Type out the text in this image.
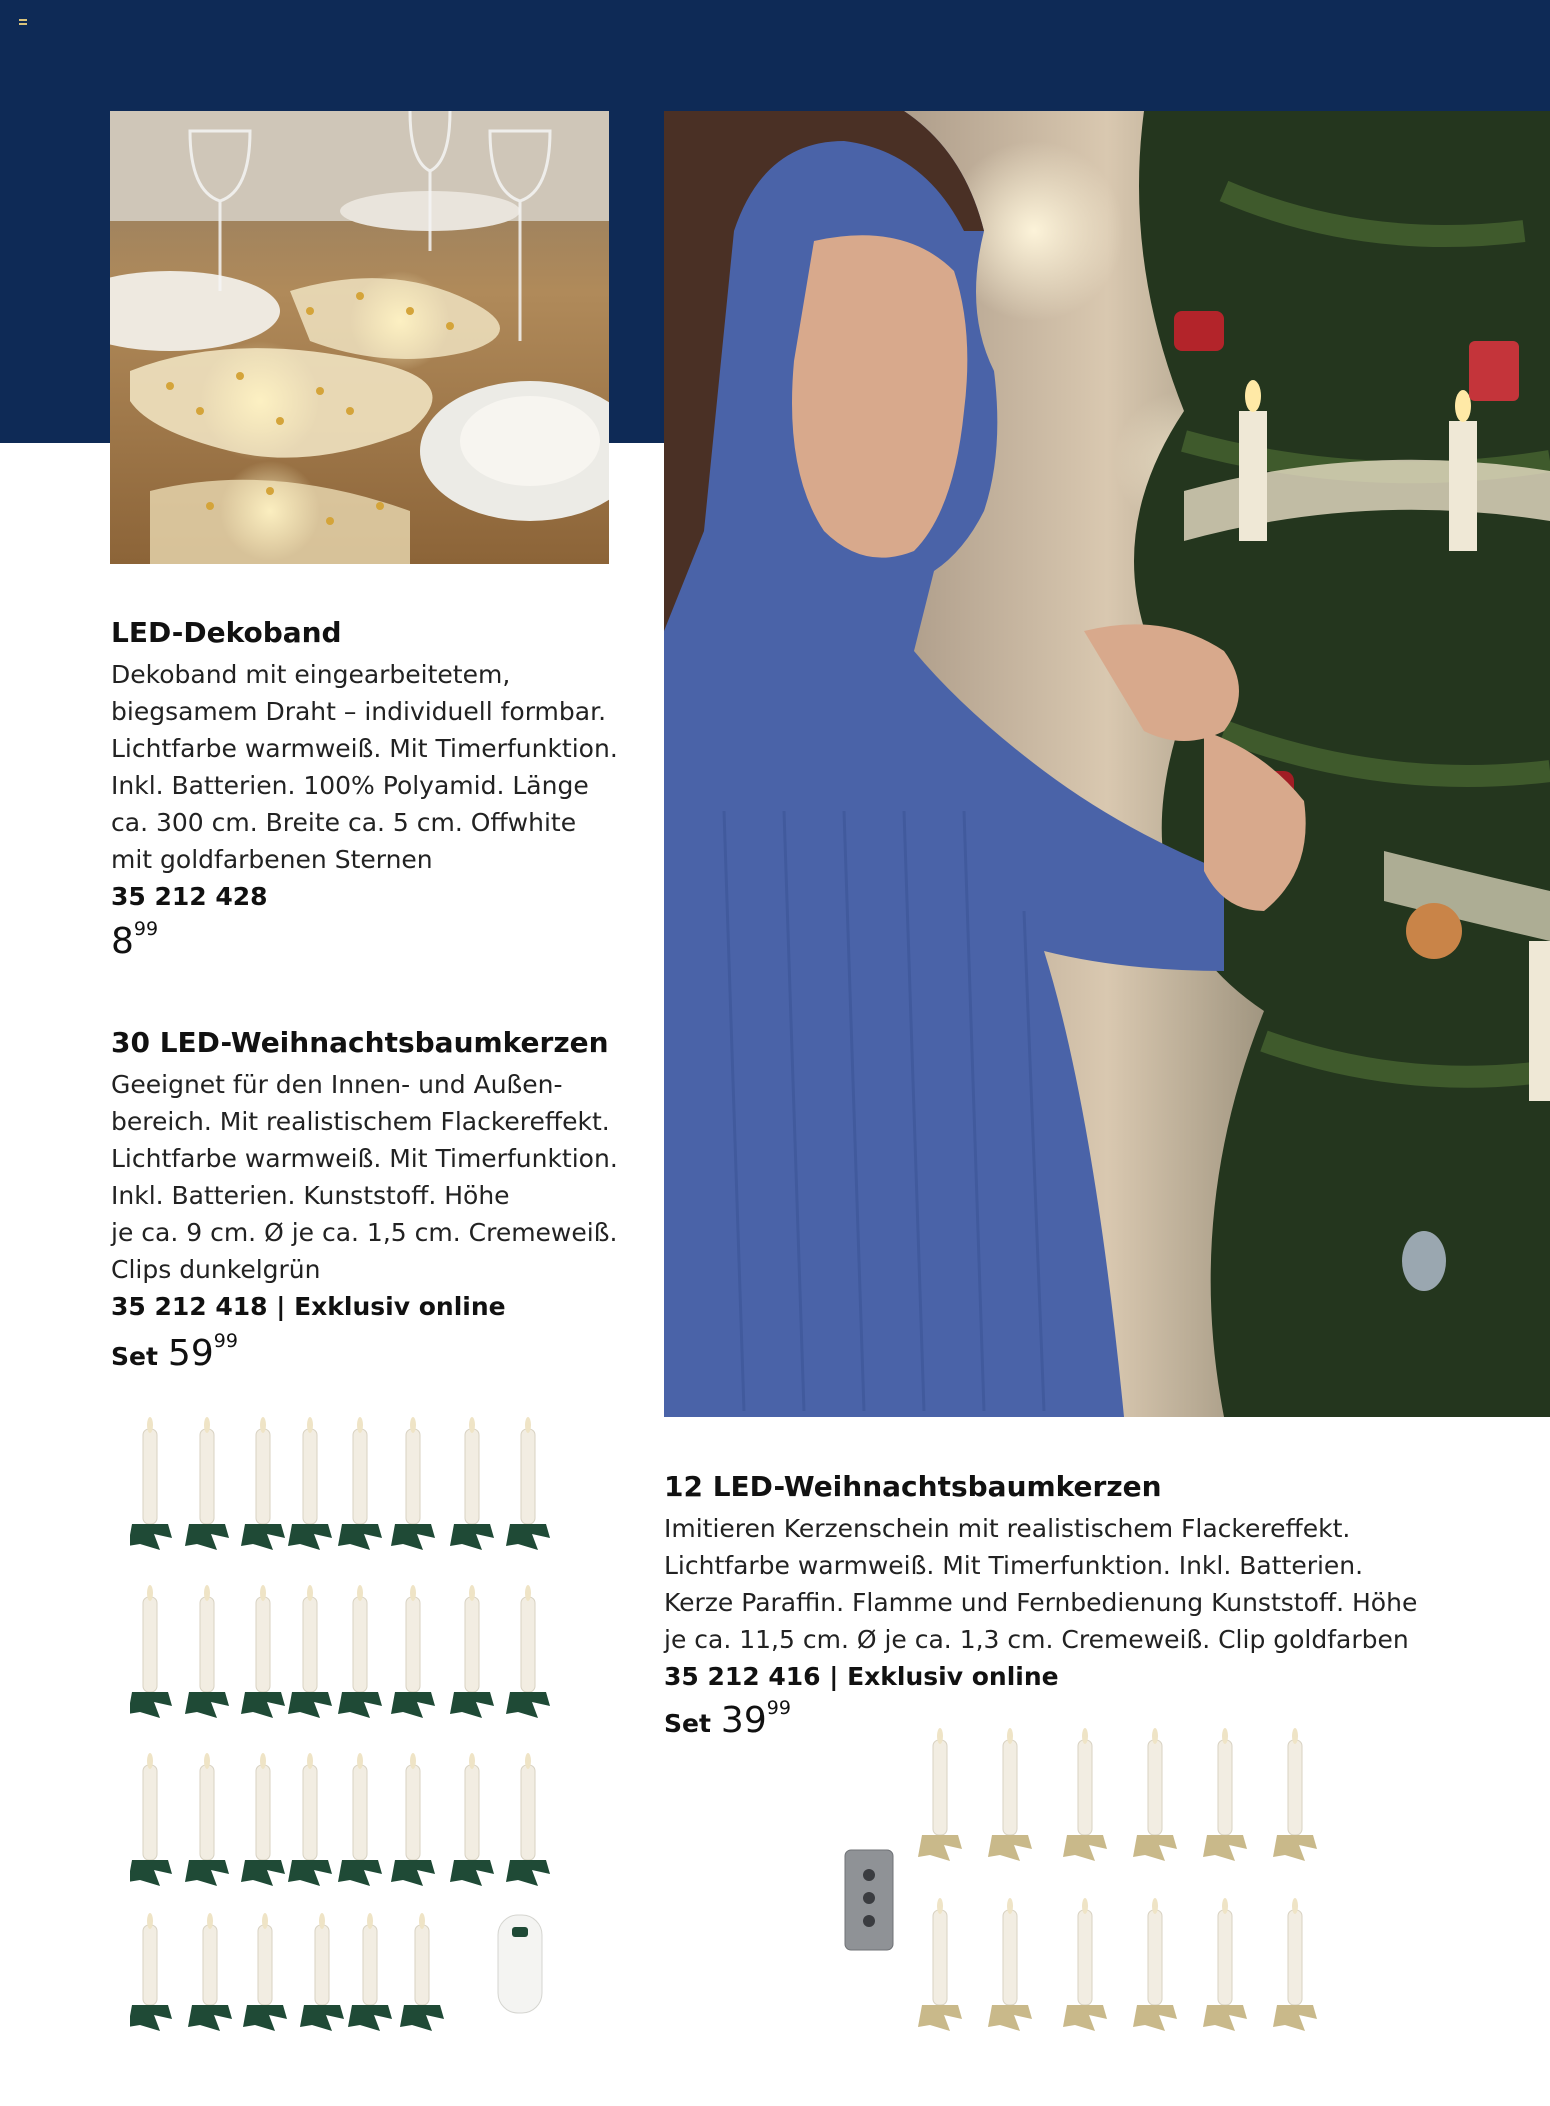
LED-Dekoband

Dekoband mit eingearbeitetem,

biegsamem Draht – individuell formbar.

Lichtfarbe warmweiß. Mit Timerfunktion.

Inkl. Batterien. 100% Polyamid. Länge

ca. 300 cm. Breite ca. 5 cm. Offwhite

mit goldfarbenen Sternen

35 212 428
899
30 LED-Weihnachtsbaumkerzen

Geeignet für den Innen- und Außen-

bereich. Mit realistischem Flackereffekt.

Lichtfarbe warmweiß. Mit Timerfunktion.

Inkl. Batterien. Kunststoff. Höhe

je ca. 9 cm. Ø je ca. 1,5 cm. Cremeweiß.

Clips dunkelgrün

35 212 418 | Exklusiv online
Set 5999
12 LED-Weihnachtsbaumkerzen

Imitieren Kerzenschein mit realistischem Flackereffekt.

Lichtfarbe warmweiß. Mit Timerfunktion. Inkl. Batterien.

Kerze Paraffin. Flamme und Fernbedienung Kunststoff. Höhe

je ca. 11,5 cm. Ø je ca. 1,3 cm. Cremeweiß. Clip goldfarben

35 212 416 | Exklusiv online
Set 3999
